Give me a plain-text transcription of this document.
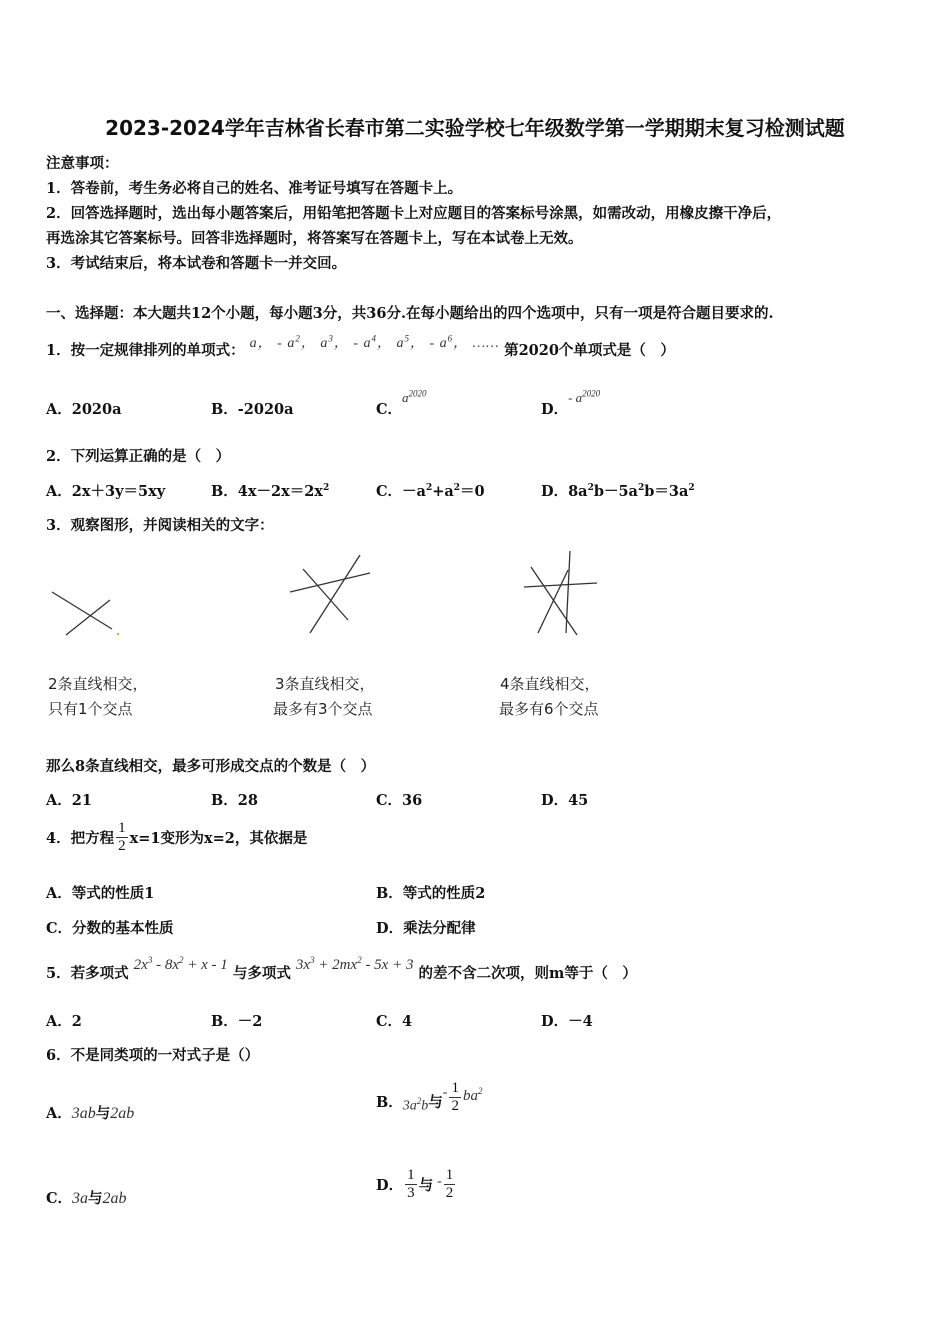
2023-2024学年吉林省长春市第二实验学校七年级数学第一学期期末复习检测试题
注意事项：
1．答卷前，考生务必将自己的姓名、准考证号填写在答题卡上。
2．回答选择题时，选出每小题答案后，用铅笔把答题卡上对应题目的答案标号涂黑，如需改动，用橡皮擦干净后，
再选涂其它答案标号。回答非选择题时，将答案写在答题卡上，写在本试卷上无效。
3．考试结束后，将本试卷和答题卡一并交回。
一、选择题：本大题共12个小题，每小题3分，共36分.在每小题给出的四个选项中，只有一项是符合题目要求的.
1．按一定规律排列的单项式： a， - $a^2$， $a^3$， - $a^4$， $a^5$， - $a^6$， …… 第2020个单项式是（　）
A．2020a	B．-2020a	C．$a^{2020}$
D．- $a^{2020}$
2．下列运算正确的是（　）
A．2x＋3y＝5xy	B．$4x-2x=2x^2$	C．$-a^2+a^2=0$	D．$8a^2b-5a^2b=3a^2$
3．观察图形，并阅读相关的文字：
2条直线相交，
只有1个交点
3条直线相交，
最多有3个交点
4条直线相交，
最多有6个交点
那么8条直线相交，最多可形成交点的个数是（　）
A．21	B．28	C．36	D．45
4．把方程 $\frac{1}{2} x=1$变形为x=2，其依据是
A．等式的性质1	B．等式的性质2
C．分数的基本性质	D．乘法分配律
5．若多项式 $2x^3 - 8x^2 + x - 1$ 与多项式 $3x^3 + 2mx^2 - 5x + 3$ 的差不含二次项，则m等于（　）
A．2	B．－2	C．4	D．－4
6．不是同类项的一对式子是（）
A．3ab与2ab
B． $3a^2b$ 与
- $\frac{1}{2} ba^2$
C．3a与2ab
D． $\frac{1}{3}$ 与 - $\frac{1}{2}$
